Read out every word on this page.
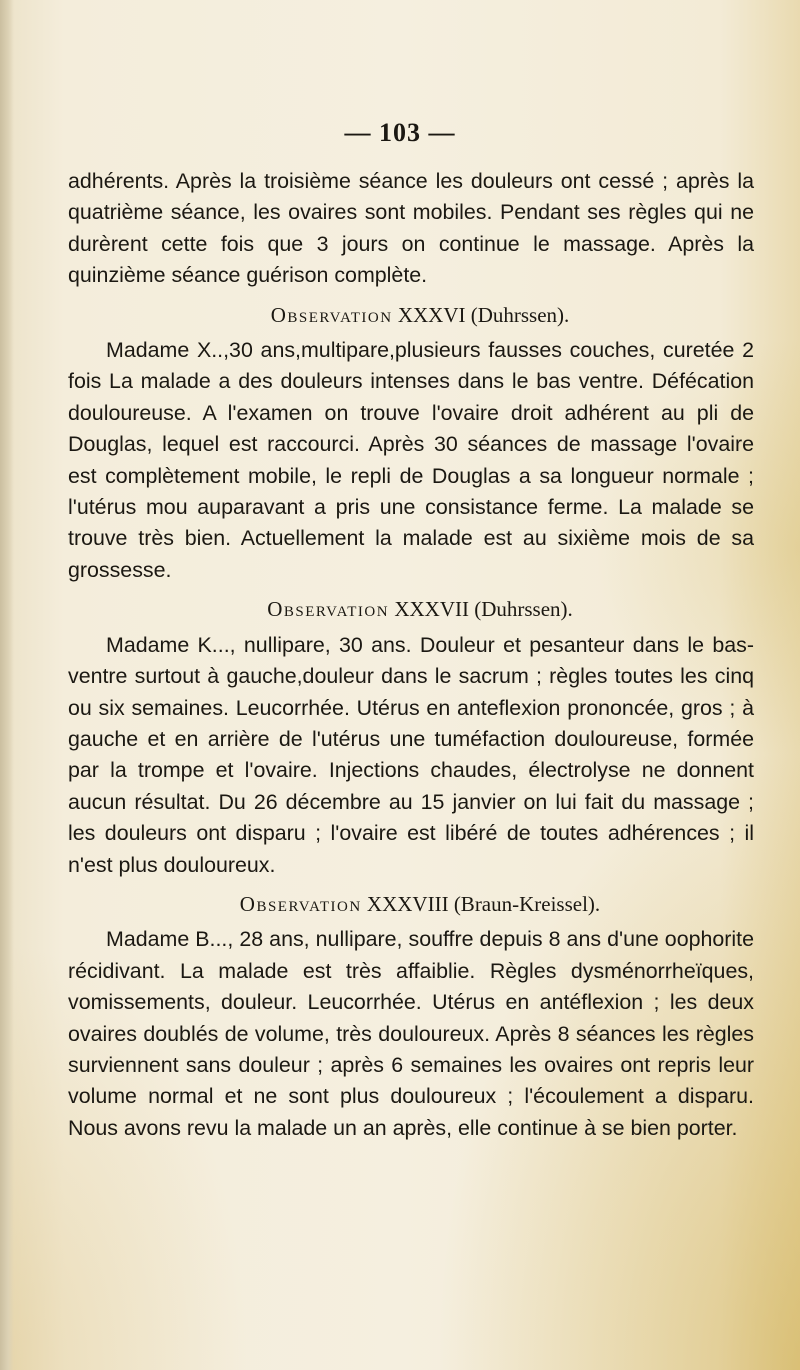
— 103 —

adhérents. Après la troisième séance les douleurs ont cessé ; après la quatrième séance, les ovaires sont mobiles. Pendant ses règles qui ne durèrent cette fois que 3 jours on continue le massage. Après la quinzième séance guérison complète.

Observation XXXVI (Duhrssen).

Madame X..,30 ans,multipare,plusieurs fausses couches, curetée 2 fois La malade a des douleurs intenses dans le bas ventre. Défécation douloureuse. A l'examen on trouve l'ovaire droit adhérent au pli de Douglas, lequel est raccourci. Après 30 séances de massage l'ovaire est complètement mobile, le repli de Douglas a sa longueur normale ; l'utérus mou auparavant a pris une consistance ferme. La malade se trouve très bien. Actuellement la malade est au sixième mois de sa grossesse.

Observation XXXVII (Duhrssen).

Madame K..., nullipare, 30 ans. Douleur et pesanteur dans le bas-ventre surtout à gauche,douleur dans le sacrum ; règles toutes les cinq ou six semaines. Leucorrhée. Utérus en anteflexion prononcée, gros ; à gauche et en arrière de l'utérus une tuméfaction douloureuse, formée par la trompe et l'ovaire. Injections chaudes, électrolyse ne donnent aucun résultat. Du 26 décembre au 15 janvier on lui fait du massage ; les douleurs ont disparu ; l'ovaire est libéré de toutes adhérences ; il n'est plus douloureux.

Observation XXXVIII (Braun-Kreissel).

Madame B..., 28 ans, nullipare, souffre depuis 8 ans d'une oophorite récidivant. La malade est très affaiblie. Règles dysménorrheïques, vomissements, douleur. Leucorrhée. Utérus en antéflexion ; les deux ovaires doublés de volume, très douloureux. Après 8 séances les règles surviennent sans douleur ; après 6 semaines les ovaires ont repris leur volume normal et ne sont plus douloureux ; l'écoulement a disparu. Nous avons revu la malade un an après, elle continue à se bien porter.
